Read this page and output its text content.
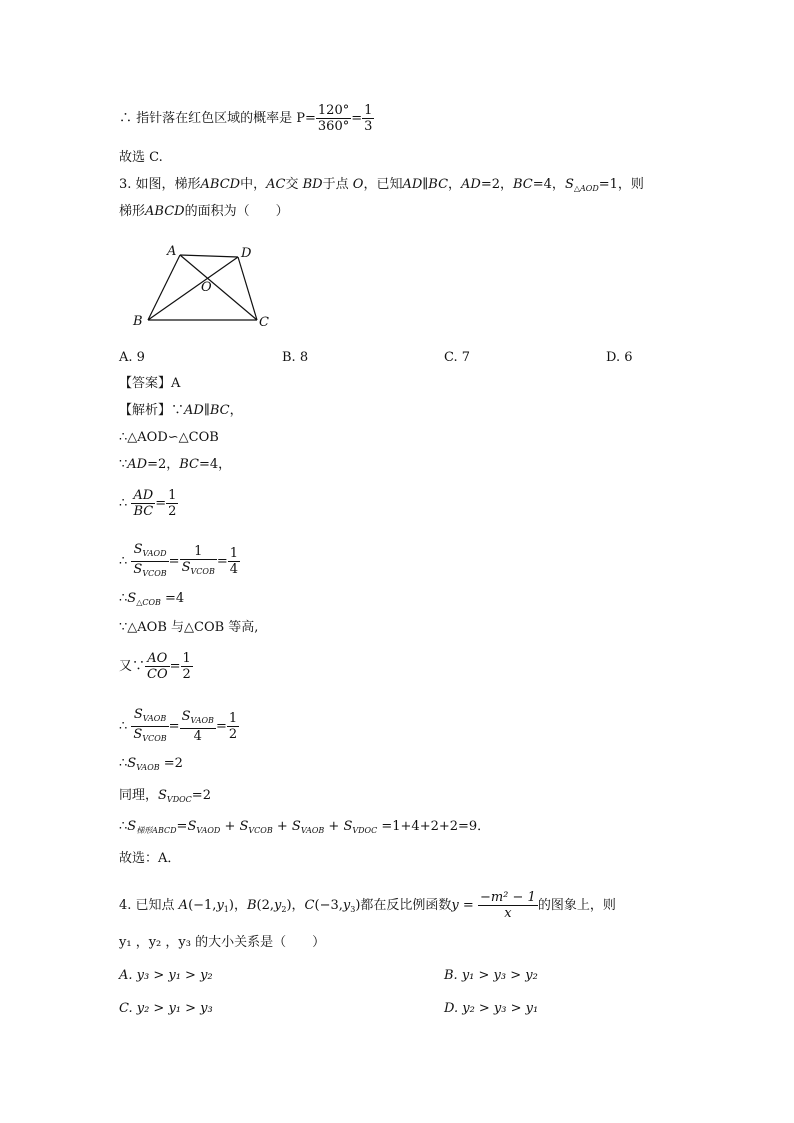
∴ 指针落在红色区域的概率是 $P= \frac{120^\circ}{360^\circ} = \frac{1}{3}$
故选 C.
3. 如图，梯形ABCD中，AC交 BD于点 O，已知AD∥BC，AD=2，BC=4，$S_{\triangle AOD}=1$，则
梯形ABCD的面积为（　　）
A	D
O
B	C
A. 9	B. 8	C. 7	D. 6
【答案】A
【解析】∵AD∥BC，
∴△AOD∽△COB
∵AD=2，BC=4，
∴ $\frac{AD}{BC} = \frac{1}{2}$
∴ $\frac{S_{VAOD}}{S_{VCOB}} = \frac{1}{S_{VCOB}} = \frac{1}{4}$
$\therefore S_{\triangle COB} =4$
∵△AOB 与△COB 等高,
又∵ $\frac{AO}{CO} = \frac{1}{2}$
∴ $\frac{S_{VAOB}}{S_{VCOB}} = \frac{S_{VAOB}}{4} = \frac{1}{2}$
$\therefore S_{VAOB} =2$
同理，$S_{VDOC}=2$
$\therefore S_{梯形ABCD}=S_{VAOD} + S_{VCOB} + S_{VAOB} + S_{VDOC} =1+4+2+2=9$．
故选：A．
4. 已知点 $A(-1,y_1)$，$B(2,y_2)$，$C(-3,y_3)$都在反比例函数$y = \frac{\text{−m² − 1}}{x}$ 的图象上，则
y₁ ，y₂ ，y₃ 的大小关系是（　　）
A. y₃ > y₁ > y₂	B. y₁ > y₃ > y₂
C. y₂ > y₁ > y₃	D. y₂ > y₃ > y₁
